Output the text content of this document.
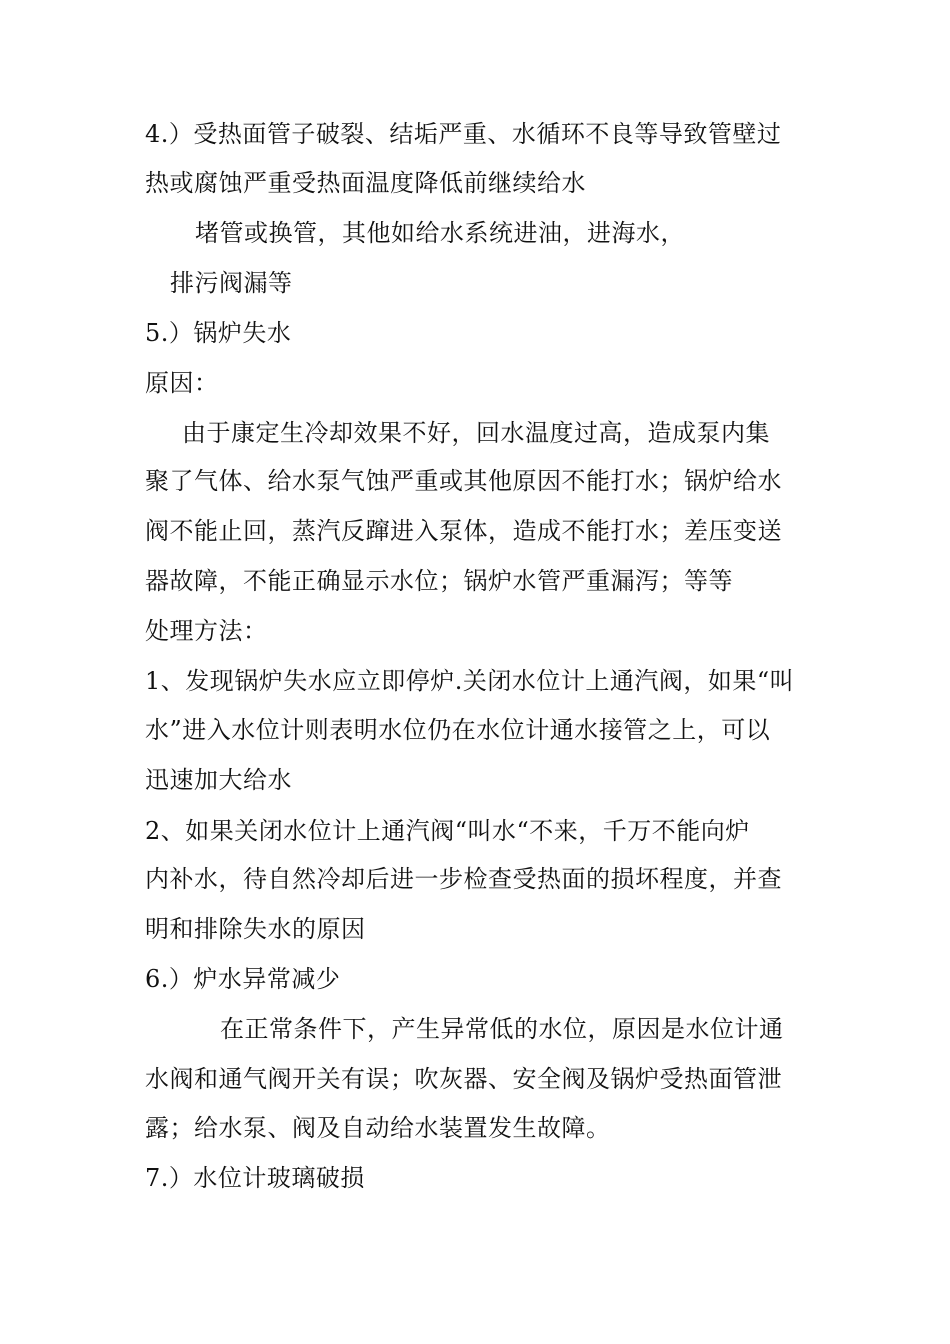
4.）受热面管子破裂、结垢严重、水循环不良等导致管壁过
热或腐蚀严重受热面温度降低前继续给水
堵管或换管，其他如给水系统进油，进海水，
排污阀漏等
5.）锅炉失水
原因：
由于康定生冷却效果不好，回水温度过高，造成泵内集
聚了气体、给水泵气蚀严重或其他原因不能打水；锅炉给水
阀不能止回，蒸汽反蹿进入泵体，造成不能打水；差压变送
器故障，不能正确显示水位；锅炉水管严重漏泻；等等
处理方法：
1、发现锅炉失水应立即停炉.关闭水位计上通汽阀，如果“叫
水”进入水位计则表明水位仍在水位计通水接管之上，可以
迅速加大给水
2、如果关闭水位计上通汽阀“叫水“不来，千万不能向炉
内补水，待自然冷却后进一步检查受热面的损坏程度，并查
明和排除失水的原因
6.）炉水异常减少
在正常条件下，产生异常低的水位，原因是水位计通
水阀和通气阀开关有误；吹灰器、安全阀及锅炉受热面管泄
露；给水泵、阀及自动给水装置发生故障。
7.）水位计玻璃破损
